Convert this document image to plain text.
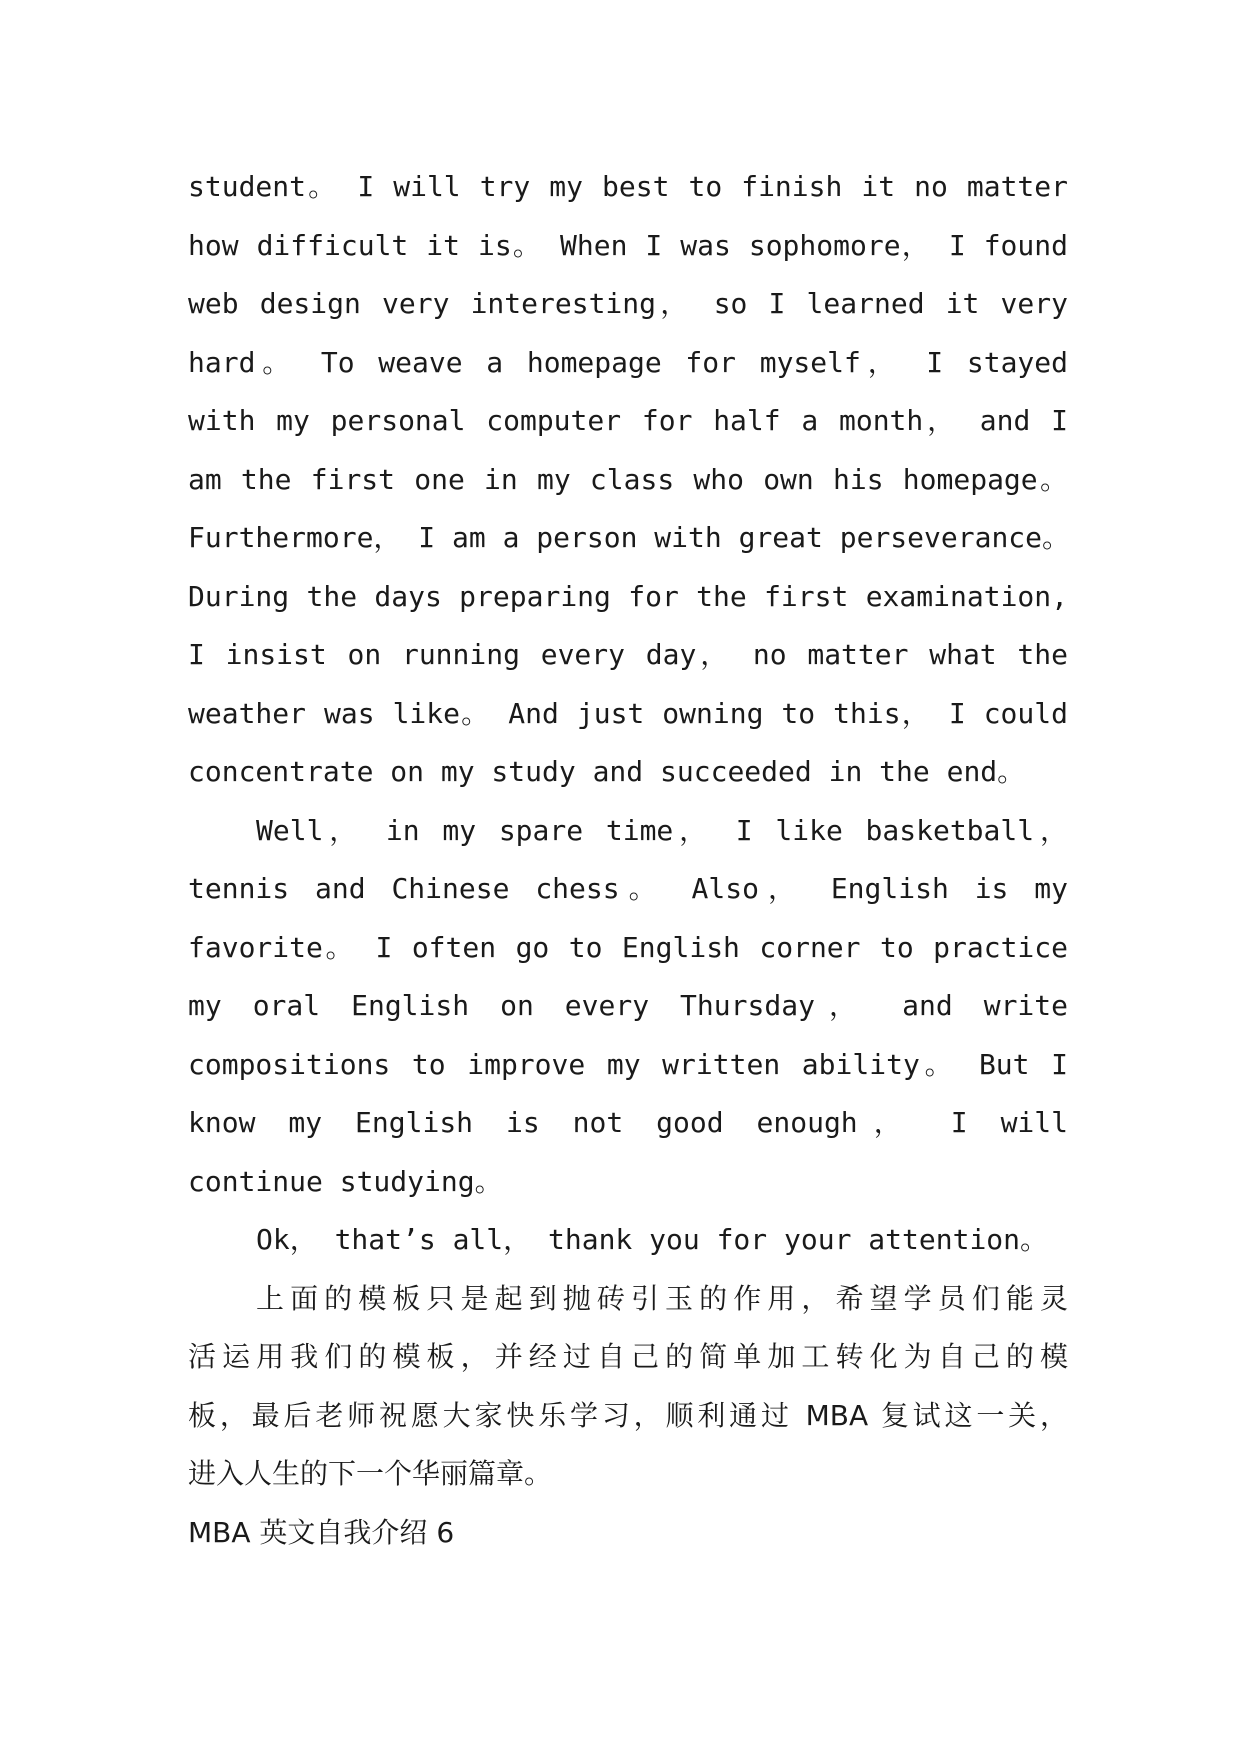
student。 I will try my best to finish it no matter
how difficult it is。 When I was sophomore， I found
web design very interesting， so I learned it very
hard。 To weave a homepage for myself， I stayed
with my personal computer for half a month， and I
am the first one in my class who own his homepage。
Furthermore， I am a person with great perseverance。
During the days preparing for the first examination,
I insist on running every day， no matter what the
weather was like。 And just owning to this， I could
concentrate on my study and succeeded in the end。
Well， in my spare time， I like basketball，
tennis and Chinese chess。 Also， English is my
favorite。 I often go to English corner to practice
my oral English on every Thursday， and write
compositions to improve my written ability。 But I
know my English is not good enough， I will
continue studying。
Ok， that’s all， thank you for your attention。
上面的模板只是起到抛砖引玉的作用，希望学员们能灵
活运用我们的模板，并经过自己的简单加工转化为自己的模
板，最后老师祝愿大家快乐学习，顺利通过 MBA 复试这一关，
进入人生的下一个华丽篇章。
MBA 英文自我介绍 6
